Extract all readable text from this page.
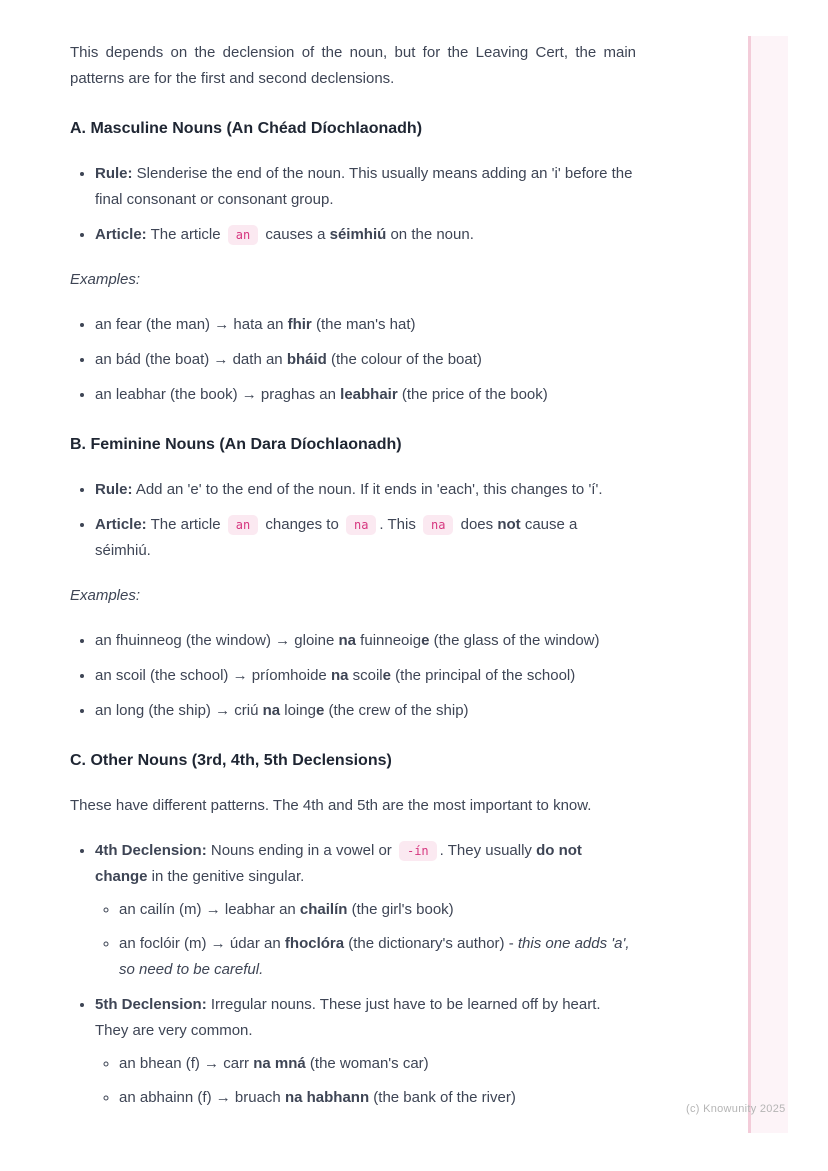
This depends on the declension of the noun, but for the Leaving Cert, the main patterns are for the first and second declensions.

A. Masculine Nouns (An Chéad Díochlaonadh)
• Rule: Slenderise the end of the noun. This usually means adding an 'i' before the final consonant or consonant group.
• Article: The article an causes a séimhiú on the noun.

Examples:

• an fear (the man) → hata an fhir (the man's hat)
• an bád (the boat) → dath an bháid (the colour of the boat)
• an leabhar (the book) → praghas an leabhair (the price of the book)
B. Feminine Nouns (An Dara Díochlaonadh)
• Rule: Add an 'e' to the end of the noun. If it ends in 'each', this changes to 'í'.
• Article: The article an changes to na . This na does not cause a séimhiú.

Examples:

• an fhuinneog (the window) → gloine na fuinneoige (the glass of the window)
• an scoil (the school) → príomhoide na scoile (the principal of the school)
• an long (the ship) → criú na loinge (the crew of the ship)
C. Other Nouns (3rd, 4th, 5th Declensions)

These have different patterns. The 4th and 5th are the most important to know.

• 4th Declension: Nouns ending in a vowel or -ín . They usually do not change in the genitive singular.
◦ an cailín (m) → leabhar an chailín (the girl's book)
◦ an foclóir (m) → údar an fhoclóra (the dictionary's author) - this one adds 'a', so need to be careful.
• 5th Declension: Irregular nouns. These just have to be learned off by heart. They are very common.
◦ an bhean (f) → carr na mná (the woman's car)
◦ an abhainn (f) → bruach na habhann (the bank of the river)
(c) Knowunity 2025
